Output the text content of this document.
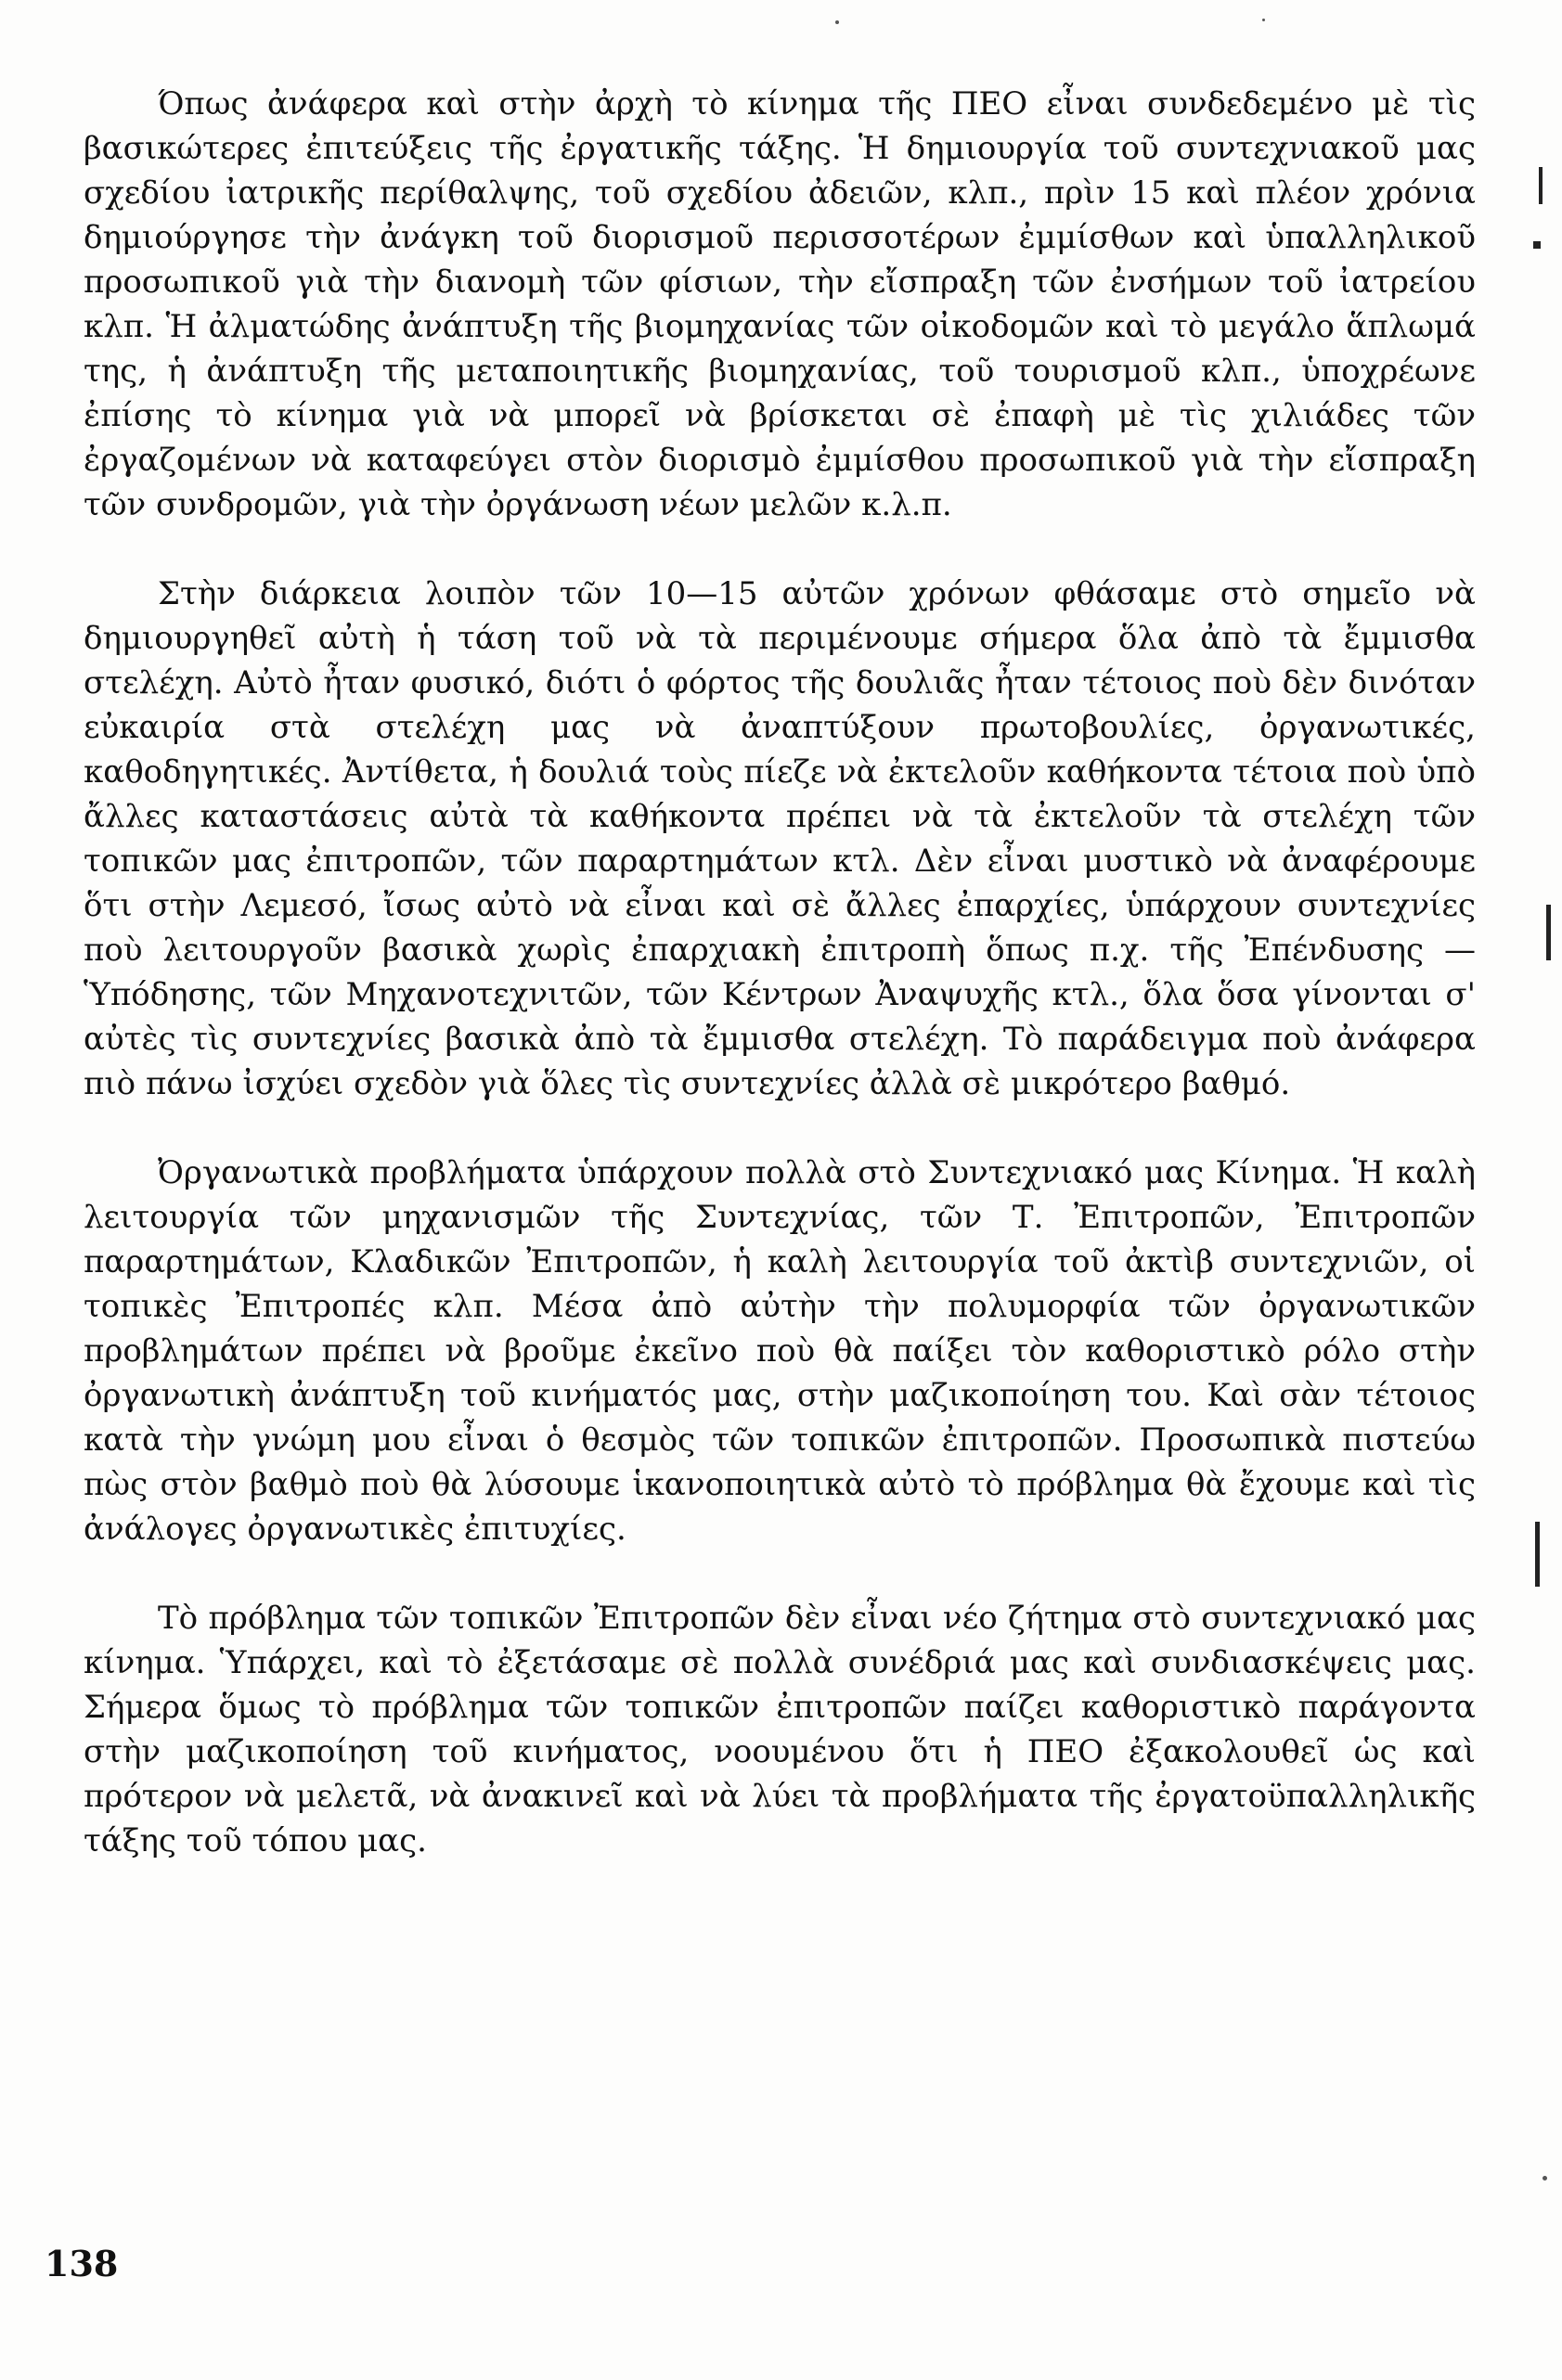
Όπως ἀνάφερα καὶ στὴν ἀρχὴ τὸ κίνημα τῆς ΠΕΟ εἶναι συνδεδεμένο μὲ τὶς βασικώτερες ἐπιτεύξεις τῆς ἐργατικῆς τάξης. Ἡ δημιουργία τοῦ συντεχνιακοῦ μας σχεδίου ἰατρικῆς περίθαλψης, τοῦ σχεδίου ἀδειῶν, κλπ., πρὶν 15 καὶ πλέον χρόνια δημιούργησε τὴν ἀνάγκη τοῦ διορισμοῦ περισσοτέρων ἐμμίσθων καὶ ὑπαλληλικοῦ προσωπικοῦ γιὰ τὴν διανομὴ τῶν φίσιων, τὴν εἴσπραξη τῶν ἐνσήμων τοῦ ἰατρείου κλπ. Ἡ ἀλματώδης ἀνάπτυξη τῆς βιομηχανίας τῶν οἰκοδομῶν καὶ τὸ μεγάλο ἅπλωμά της, ἡ ἀνάπτυξη τῆς μεταποιητικῆς βιομηχανίας, τοῦ τουρισμοῦ κλπ., ὑποχρέωνε ἐπίσης τὸ κίνημα γιὰ νὰ μπορεῖ νὰ βρίσκεται σὲ ἐπαφὴ μὲ τὶς χιλιάδες τῶν ἐργαζομένων νὰ καταφεύγει στὸν διορισμὸ ἐμμίσθου προσωπικοῦ γιὰ τὴν εἴσπραξη τῶν συνδρομῶν, γιὰ τὴν ὀργάνωση νέων μελῶν κ.λ.π.

Στὴν διάρκεια λοιπὸν τῶν 10—15 αὐτῶν χρόνων φθάσαμε στὸ σημεῖο νὰ δημιουργηθεῖ αὐτὴ ἡ τάση τοῦ νὰ τὰ περιμένουμε σήμερα ὅλα ἀπὸ τὰ ἔμμισθα στελέχη. Αὐτὸ ἦταν φυσικό, διότι ὁ φόρτος τῆς δουλιᾶς ἦταν τέτοιος ποὺ δὲν δινόταν εὐκαιρία στὰ στελέχη μας νὰ ἀναπτύξουν πρωτοβουλίες, ὀργανωτικές, καθοδηγητικές. Ἀντίθετα, ἡ δουλιά τοὺς πίεζε νὰ ἐκτελοῦν καθήκοντα τέτοια ποὺ ὑπὸ ἄλλες καταστάσεις αὐτὰ τὰ καθήκοντα πρέπει νὰ τὰ ἐκτελοῦν τὰ στελέχη τῶν τοπικῶν μας ἐπιτροπῶν, τῶν παραρτημάτων κτλ. Δὲν εἶναι μυστικὸ νὰ ἀναφέρουμε ὅτι στὴν Λεμεσό, ἴσως αὐτὸ νὰ εἶναι καὶ σὲ ἄλλες ἐπαρχίες, ὑπάρχουν συντεχνίες ποὺ λειτουργοῦν βασικὰ χωρὶς ἐπαρχιακὴ ἐπιτροπὴ ὅπως π.χ. τῆς Ἐπένδυσης — Ὑπόδησης, τῶν Μηχανοτεχνιτῶν, τῶν Κέντρων Ἀναψυχῆς κτλ., ὅλα ὅσα γίνονται σ' αὐτὲς τὶς συντεχνίες βασικὰ ἀπὸ τὰ ἔμμισθα στελέχη. Τὸ παράδειγμα ποὺ ἀνάφερα πιὸ πάνω ἰσχύει σχεδὸν γιὰ ὅλες τὶς συντεχνίες ἀλλὰ σὲ μικρότερο βαθμό.

Ὀργανωτικὰ προβλήματα ὑπάρχουν πολλὰ στὸ Συντεχνιακό μας Κίνημα. Ἡ καλὴ λειτουργία τῶν μηχανισμῶν τῆς Συντεχνίας, τῶν Τ. Ἐπιτροπῶν, Ἐπιτροπῶν παραρτημάτων, Κλαδικῶν Ἐπιτροπῶν, ἡ καλὴ λειτουργία τοῦ ἀκτὶβ συντεχνιῶν, οἱ τοπικὲς Ἐπιτροπές κλπ. Μέσα ἀπὸ αὐτὴν τὴν πολυμορφία τῶν ὀργανωτικῶν προβλημάτων πρέπει νὰ βροῦμε ἐκεῖνο ποὺ θὰ παίξει τὸν καθοριστικὸ ρόλο στὴν ὀργανωτικὴ ἀνάπτυξη τοῦ κινήματός μας, στὴν μαζικοποίηση του. Καὶ σὰν τέτοιος κατὰ τὴν γνώμη μου εἶναι ὁ θεσμὸς τῶν τοπικῶν ἐπιτροπῶν. Προσωπικὰ πιστεύω πὼς στὸν βαθμὸ ποὺ θὰ λύσουμε ἱκανοποιητικὰ αὐτὸ τὸ πρόβλημα θὰ ἔχουμε καὶ τὶς ἀνάλογες ὀργανωτικὲς ἐπιτυχίες.

Τὸ πρόβλημα τῶν τοπικῶν Ἐπιτροπῶν δὲν εἶναι νέο ζήτημα στὸ συντεχνιακό μας κίνημα. Ὑπάρχει, καὶ τὸ ἐξετάσαμε σὲ πολλὰ συνέδριά μας καὶ συνδιασκέψεις μας. Σήμερα ὅμως τὸ πρόβλημα τῶν τοπικῶν ἐπιτροπῶν παίζει καθοριστικὸ παράγοντα στὴν μαζικοποίηση τοῦ κινήματος, νοουμένου ὅτι ἡ ΠΕΟ ἐξακολουθεῖ ὡς καὶ πρότερον νὰ μελετᾶ, νὰ ἀνακινεῖ καὶ νὰ λύει τὰ προβλήματα τῆς ἐργατοϋπαλληλικῆς τάξης τοῦ τόπου μας.

138
